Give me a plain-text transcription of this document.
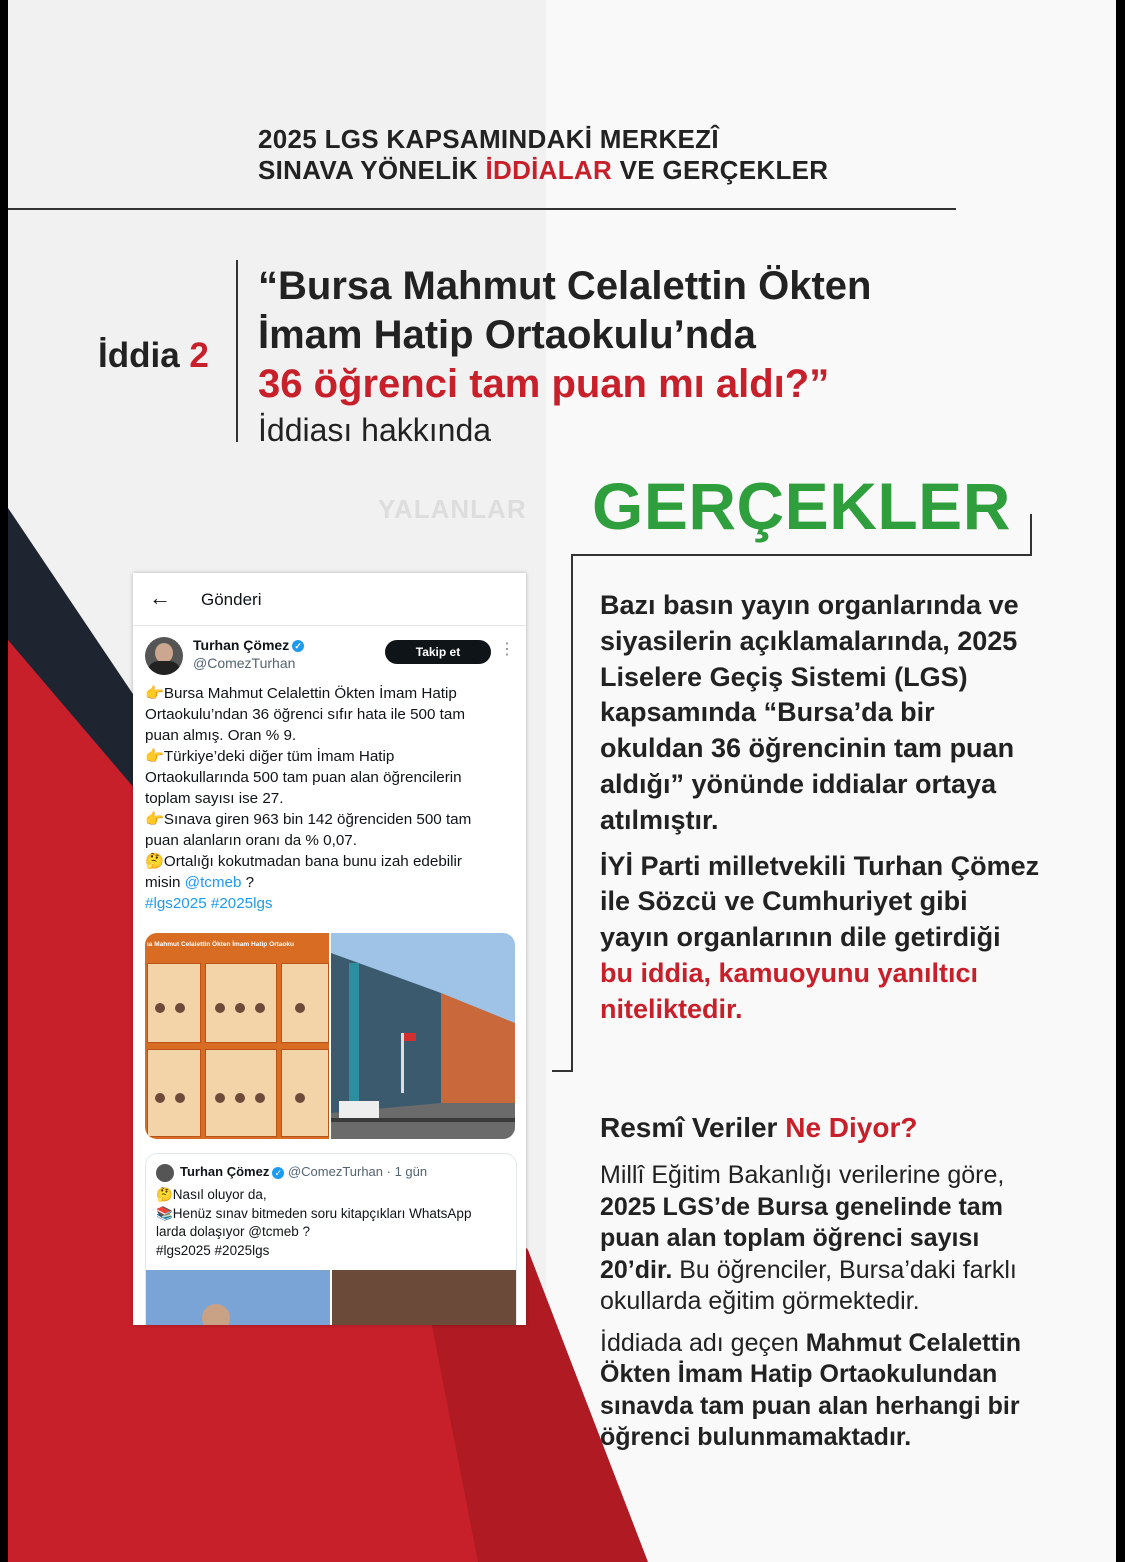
2025 LGS KAPSAMINDAKİ MERKEZÎ
SINAVA YÖNELİK İDDİALAR VE GERÇEKLER
İddia 2
“Bursa Mahmut Celalettin Ökten
İmam Hatip Ortaokulu’nda
36 öğrenci tam puan mı aldı?”
İddiası hakkında
YALANLAR GERÇEKLER

Bazı basın yayın organlarında ve siyasilerin açıklamalarında, 2025 Liselere Geçiş Sistemi (LGS) kapsamında “Bursa’da bir okuldan 36 öğrencinin tam puan aldığı” yönünde iddialar ortaya atılmıştır.

İYİ Parti milletvekili Turhan Çömez ile Sözcü ve Cumhuriyet gibi yayın organlarının dile getirdiği bu iddia, kamuoyunu yanıltıcı niteliktedir.

Resmî Veriler Ne Diyor?

Millî Eğitim Bakanlığı verilerine göre, 2025 LGS’de Bursa genelinde tam puan alan toplam öğrenci sayısı 20’dir. Bu öğrenciler, Bursa’daki farklı okullarda eğitim görmektedir.

İddiada adı geçen Mahmut Celalettin Ökten İmam Hatip Ortaokulundan sınavda tam puan alan herhangi bir öğrenci bulunmamaktadır.

← Gönderi
Turhan Çömez ✓
@ComezTurhan
Takip et	⋮
👉Bursa Mahmut Celalettin Ökten İmam Hatip
Ortaokulu’ndan 36 öğrenci sıfır hata ile 500 tam
puan almış. Oran % 9.
👉Türkiye’deki diğer tüm İmam Hatip
Ortaokullarında 500 tam puan alan öğrencilerin
toplam sayısı ise 27.
👉Sınava giren 963 bin 142 öğrenciden 500 tam
puan alanların oranı da % 0,07.
🤔Ortalığı kokutmadan bana bunu izah edebilir
misin @tcmeb ?
#lgs2025 #2025lgs
ıa Mahmut Celalettin Ökten İmam Hatip Ortaoku
Turhan Çömez ✓ @ComezTurhan · 1 gün
🤔Nasıl oluyor da,
📚Henüz sınav bitmeden soru kitapçıkları WhatsApp
larda dolaşıyor @tcmeb ?
#lgs2025 #2025lgs
